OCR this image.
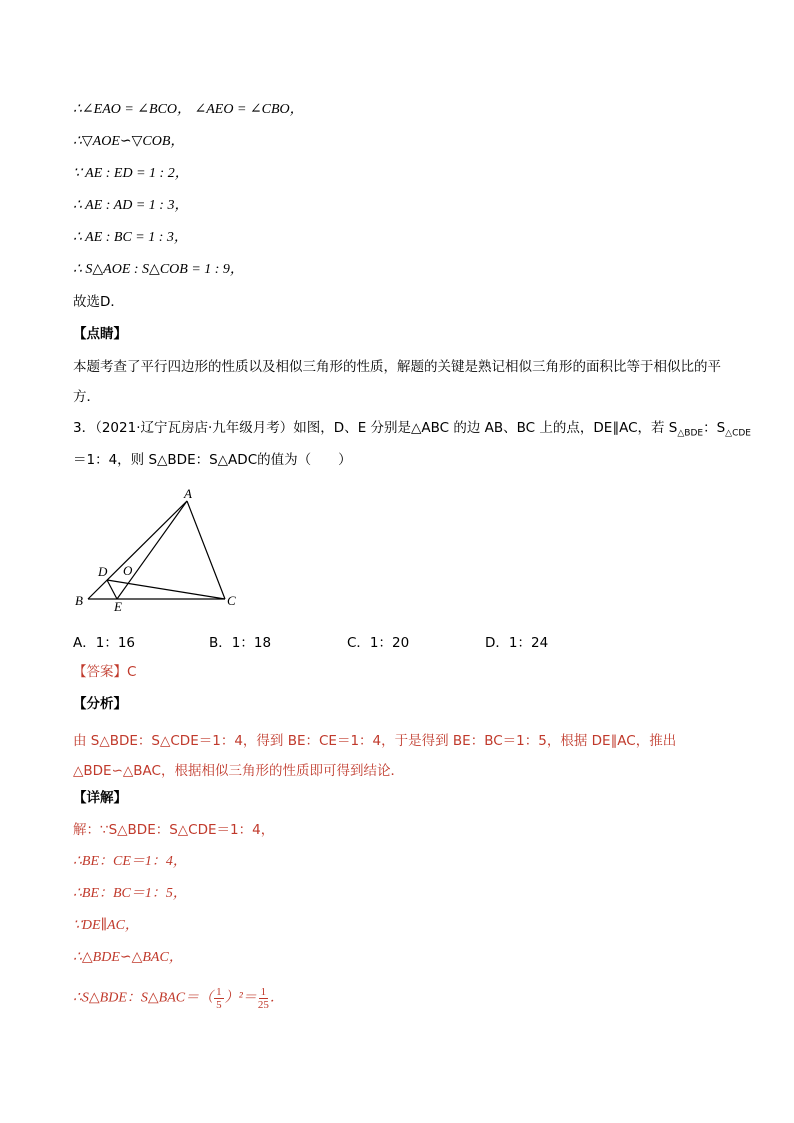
∴∠EAO = ∠BCO， ∠AEO = ∠CBO，
∴▽AOE∽▽COB，
∵ AE : ED = 1 : 2，
∴ AE : AD = 1 : 3，
∴ AE : BC = 1 : 3，
∴ S△AOE : S△COB = 1 : 9，
故选D．
【点睛】
本题考查了平行四边形的性质以及相似三角形的性质，解题的关键是熟记相似三角形的面积比等于相似比的平方．
3．（2021·辽宁瓦房店·九年级月考）如图，D、E 分别是△ABC 的边 AB、BC 上的点，DE∥AC，若 $S_{\triangle BDE}$：$S_{\triangle CDE}$
＝1：4，则 S△BDE：S△ADC的值为（　　）
A
B	C
D
E
O
A．1：16	B．1：18	C．1：20	D．1：24
【答案】C
【分析】
由 S△BDE：S△CDE＝1：4，得到 BE：CE＝1：4，于是得到 BE：BC＝1：5，根据 DE∥AC，推出△BDE∽△BAC，根据相似三角形的性质即可得到结论．
【详解】
解：∵S△BDE：S△CDE＝1：4，
∴BE：CE＝1：4，
∴BE：BC＝1：5，
∵DE∥AC，
∴△BDE∽△BAC，
∴S△BDE：S△BAC＝（ $\frac{1}{5} )^2= \frac{1}{25}$ ．
